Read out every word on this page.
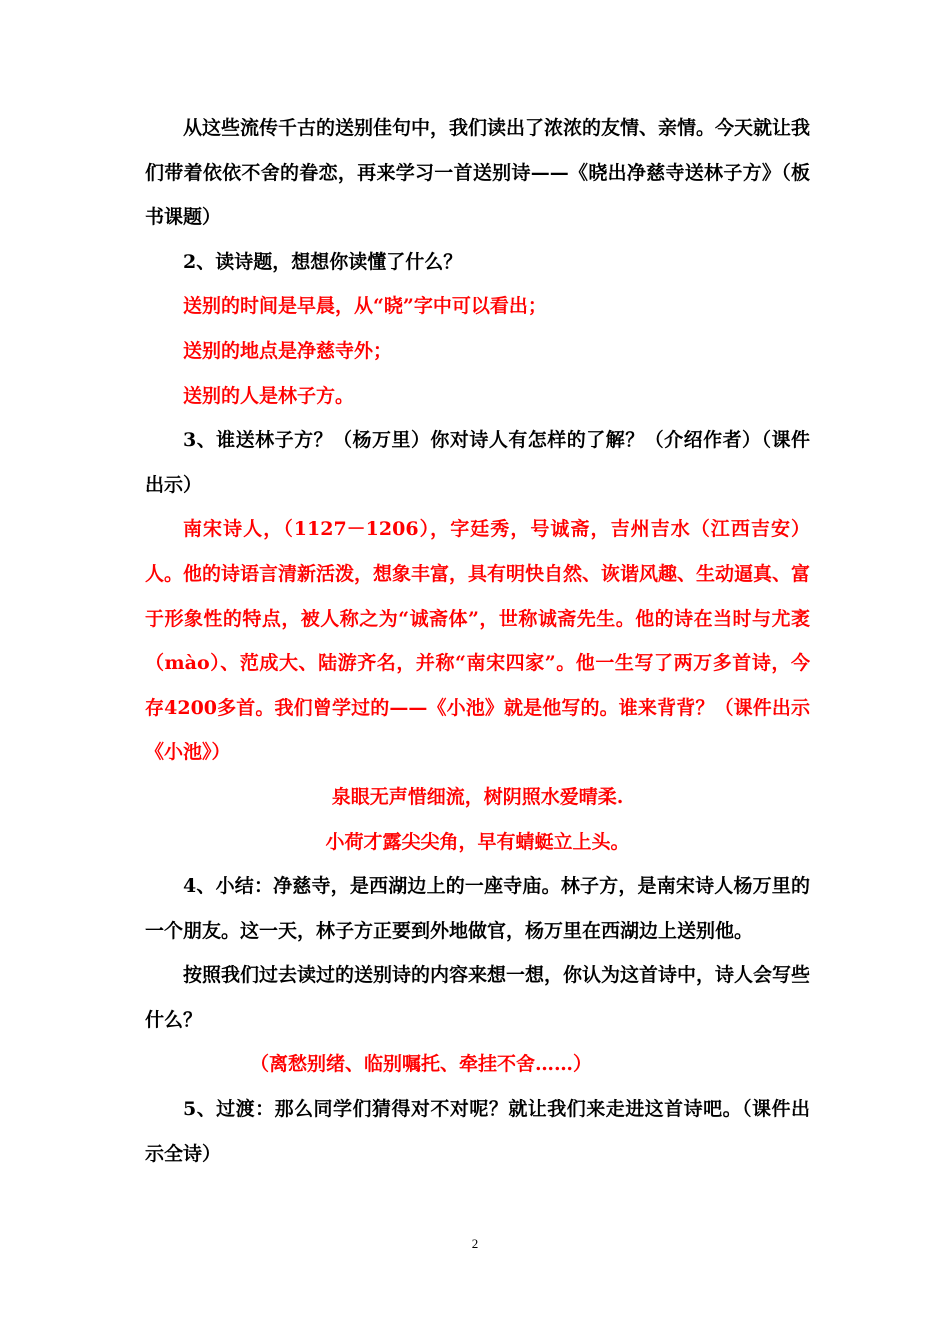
从这些流传千古的送别佳句中，我们读出了浓浓的友情、亲情。今天就让我们带着依依不舍的眷恋，再来学习一首送别诗——《晓出净慈寺送林子方》（板书课题）

2、读诗题，想想你读懂了什么？

送别的时间是早晨，从“晓”字中可以看出；

送别的地点是净慈寺外；

送别的人是林子方。

3、谁送林子方？（杨万里）你对诗人有怎样的了解？（介绍作者）（课件出示）

南宋诗人，（1127－1206），字廷秀，号诚斋，吉州吉水（江西吉安）人。他的诗语言清新活泼，想象丰富，具有明快自然、诙谐风趣、生动逼真、富于形象性的特点，被人称之为“诚斋体”，世称诚斋先生。他的诗在当时与尤袤（mào）、范成大、陆游齐名，并称“南宋四家”。他一生写了两万多首诗，今存4200多首。我们曾学过的——《小池》就是他写的。谁来背背？（课件出示《小池》）

泉眼无声惜细流，树阴照水爱晴柔.

小荷才露尖尖角，早有蜻蜓立上头。

4、小结：净慈寺，是西湖边上的一座寺庙。林子方，是南宋诗人杨万里的一个朋友。这一天，林子方正要到外地做官，杨万里在西湖边上送别他。

按照我们过去读过的送别诗的内容来想一想，你认为这首诗中，诗人会写些什么？

（离愁别绪、临别嘱托、牵挂不舍……）

5、过渡：那么同学们猜得对不对呢？就让我们来走进这首诗吧。（课件出示全诗）

2
